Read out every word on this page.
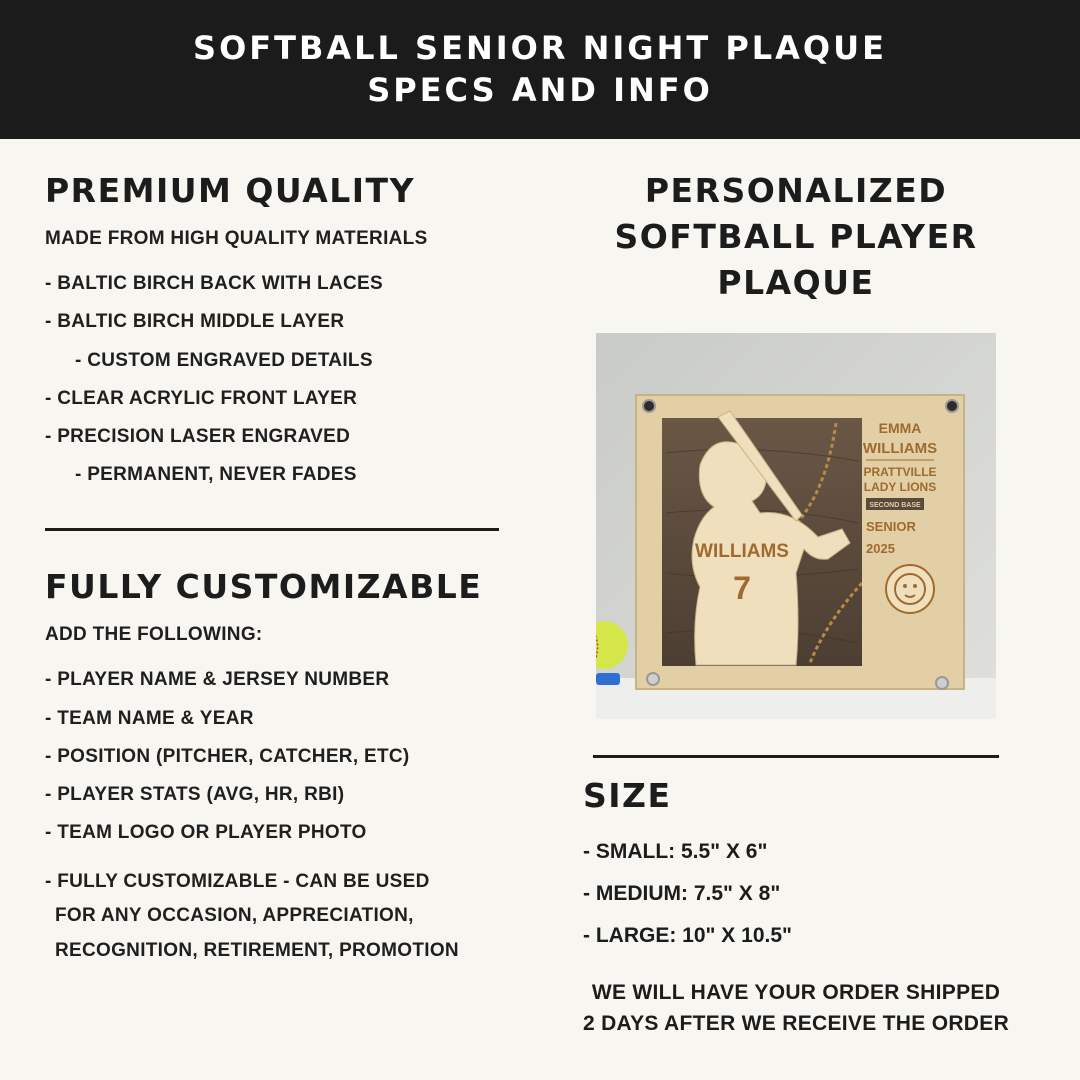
SOFTBALL SENIOR NIGHT PLAQUE
SPECS AND INFO
PREMIUM QUALITY
MADE FROM HIGH QUALITY MATERIALS
- BALTIC BIRCH BACK WITH LACES
- BALTIC BIRCH MIDDLE LAYER
- CUSTOM ENGRAVED DETAILS
- CLEAR ACRYLIC FRONT LAYER
- PRECISION LASER ENGRAVED
- PERMANENT, NEVER FADES
FULLY CUSTOMIZABLE
ADD THE FOLLOWING:
- PLAYER NAME & JERSEY NUMBER
- TEAM NAME & YEAR
- POSITION (PITCHER, CATCHER, ETC)
- PLAYER STATS (AVG, HR, RBI)
- TEAM LOGO OR PLAYER PHOTO
- FULLY CUSTOMIZABLE - CAN BE USED
FOR ANY OCCASION, APPRECIATION,
RECOGNITION, RETIREMENT, PROMOTION
PERSONALIZED
SOFTBALL PLAYER
PLAQUE
WILLIAMS
7
EMMA
WILLIAMS
PRATTVILLE
LADY LIONS
SECOND BASE
SENIOR
2025
SIZE
- SMALL: 5.5" X 6"
- MEDIUM: 7.5" X 8"
- LARGE: 10" X 10.5"
WE WILL HAVE YOUR ORDER SHIPPED
2 DAYS AFTER WE RECEIVE THE ORDER
